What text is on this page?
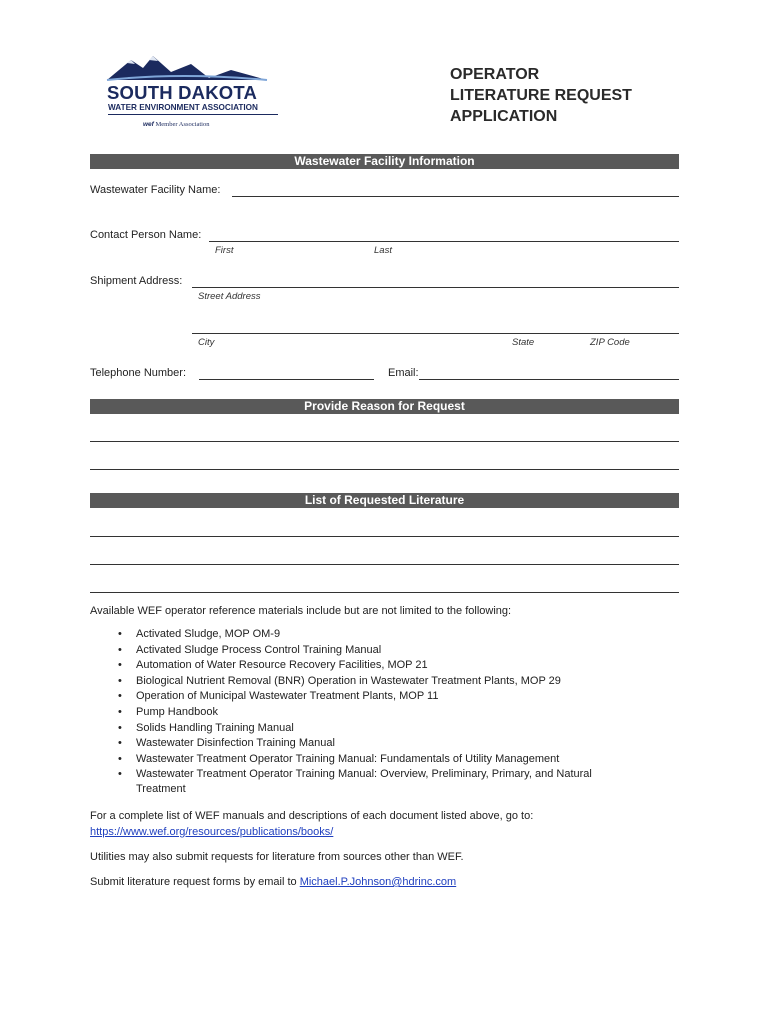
SOUTH DAKOTA
WATER ENVIRONMENT ASSOCIATION
wef Member Association
OPERATOR
LITERATURE REQUEST
APPLICATION
Wastewater Facility Information
Wastewater Facility Name:
Contact Person Name:
First	Last
Shipment Address:
Street Address
City	State	ZIP Code
Telephone Number:	Email:
Provide Reason for Request
List of Requested Literature
Available WEF operator reference materials include but are not limited to the following:
• Activated Sludge, MOP OM-9
• Activated Sludge Process Control Training Manual
• Automation of Water Resource Recovery Facilities, MOP 21
• Biological Nutrient Removal (BNR) Operation in Wastewater Treatment Plants, MOP 29
• Operation of Municipal Wastewater Treatment Plants, MOP 11
• Pump Handbook
• Solids Handling Training Manual
• Wastewater Disinfection Training Manual
• Wastewater Treatment Operator Training Manual: Fundamentals of Utility Management
• Wastewater Treatment Operator Training Manual: Overview, Preliminary, Primary, and Natural Treatment
For a complete list of WEF manuals and descriptions of each document listed above, go to:
https://www.wef.org/resources/publications/books/
Utilities may also submit requests for literature from sources other than WEF.
Submit literature request forms by email to Michael.P.Johnson@hdrinc.com
